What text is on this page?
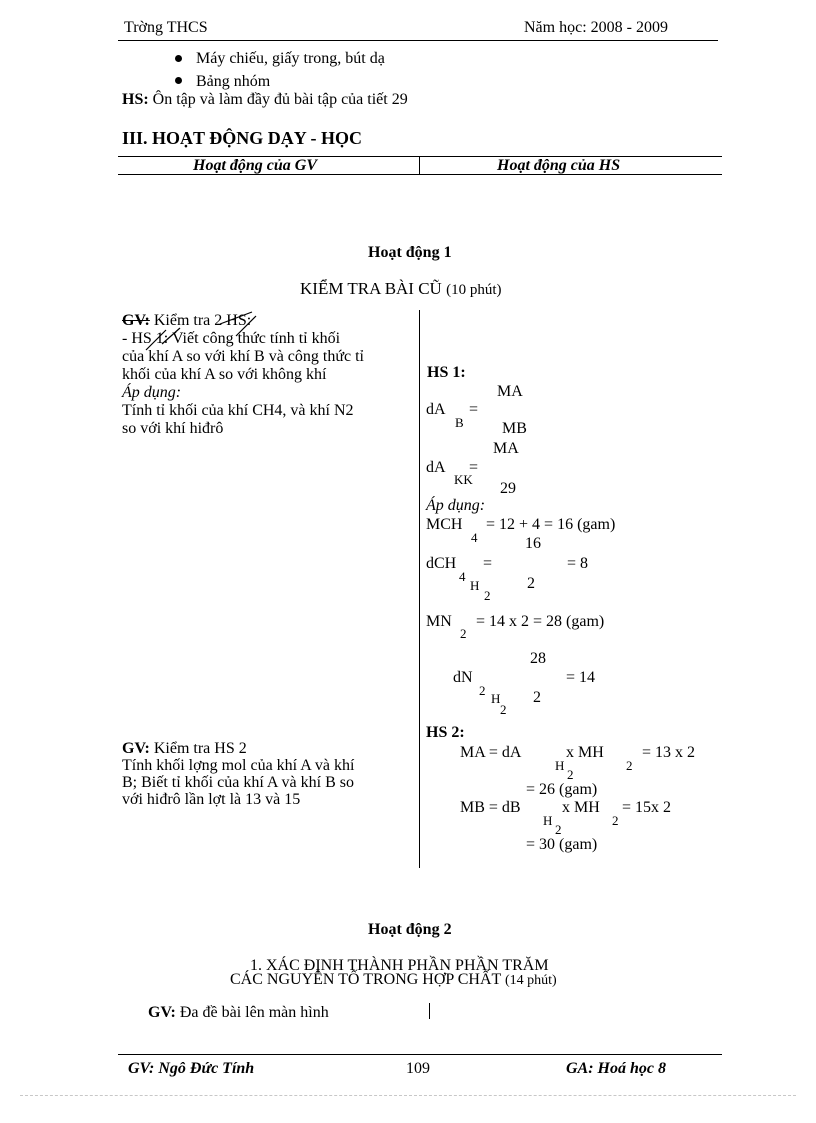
Trờng THCS	Năm học: 2008 - 2009
Máy chiếu, giấy trong, bút dạ
Bảng nhóm
HS: Ôn tập và làm đầy đủ bài tập của tiết 29
III. HOẠT ĐỘNG DẠY - HỌC
Hoạt động của GV	Hoạt động của HS
Hoạt động 1
KIỂM TRA BÀI CŨ (10 phút)
GV: Kiểm tra 2 HS:
- HS 1: Viết công thức tính tỉ khối
của khí A so với khí B và công thức tỉ
khối của khí A so với không khí
Áp dụng:
Tính tỉ khối của khí CH4, và khí N2
so với khí hiđrô
HS 1:
MA
dA
B
=
MB
MA
dA
KK
=
29
Áp dụng:
MCH
4
= 12 + 4 = 16 (gam)
16
dCH =	= 8
4
H	2
2
MN
2
= 14 x 2 = 28 (gam)
28
dN	= 14
2
H 2
2
GV: Kiểm tra HS 2
Tính khối lợng mol của khí A và khí
B; Biết tỉ khối của khí A và khí B so
với hiđrô lần lợt là 13 và 15
HS 2:
MA = dA	x MH = 13 x 2
H	2
2
= 26 (gam)
MB = dB	x MH = 15x 2
H	2
2
= 30 (gam)
Hoạt động 2
1. XÁC ĐỊNH THÀNH PHẦN PHẦN TRĂM
CÁC NGUYÊN TỐ TRONG HỢP CHẤT (14 phút)
GV: Đa đề bài lên màn hình
GV: Ngô Đức Tính	109	GA: Hoá học 8
